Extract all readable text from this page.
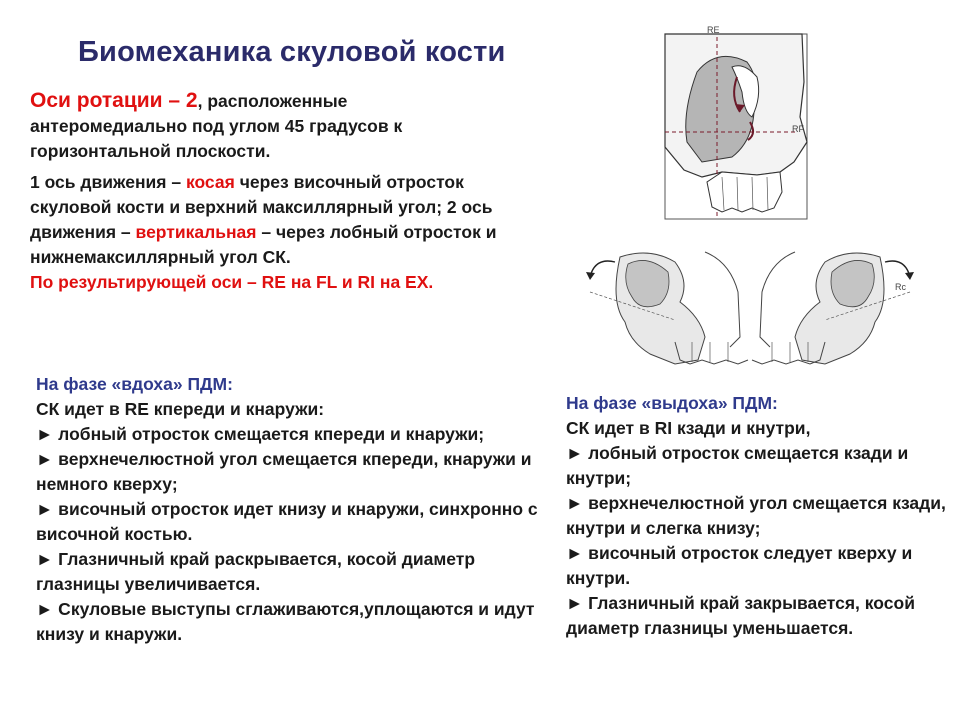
Биомеханика скуловой кости

Оси ротации – 2, расположенные антеромедиально под углом 45 градусов к горизонтальной плоскости.

1 ось движения – косая через височный отросток скуловой кости и верхний максиллярный угол; 2 ось движения – вертикальная – через лобный отросток и нижнемаксиллярный угол СК.

По результирующей оси – RE на FL и RI на EX.

RE
RF
Rc
На фазе «вдоха» ПДМ:
СК идет в RE кпереди и кнаружи:

► лобный отросток смещается кпереди и кнаружи;

► верхнечелюстной угол смещается кпереди, кнаружи и немного кверху;

► височный отросток идет книзу и кнаружи, синхронно с височной костью.

► Глазничный край раскрывается, косой диаметр глазницы увеличивается.

► Скуловые выступы сглаживаются,уплощаются и идут книзу и кнаружи.

На фазе «выдоха» ПДМ:
СК идет в RI кзади и кнутри,

► лобный отросток смещается кзади и кнутри;

► верхнечелюстной угол смещается кзади, кнутри и слегка книзу;

► височный отросток следует кверху и кнутри.

► Глазничный край закрывается, косой диаметр глазницы уменьшается.
